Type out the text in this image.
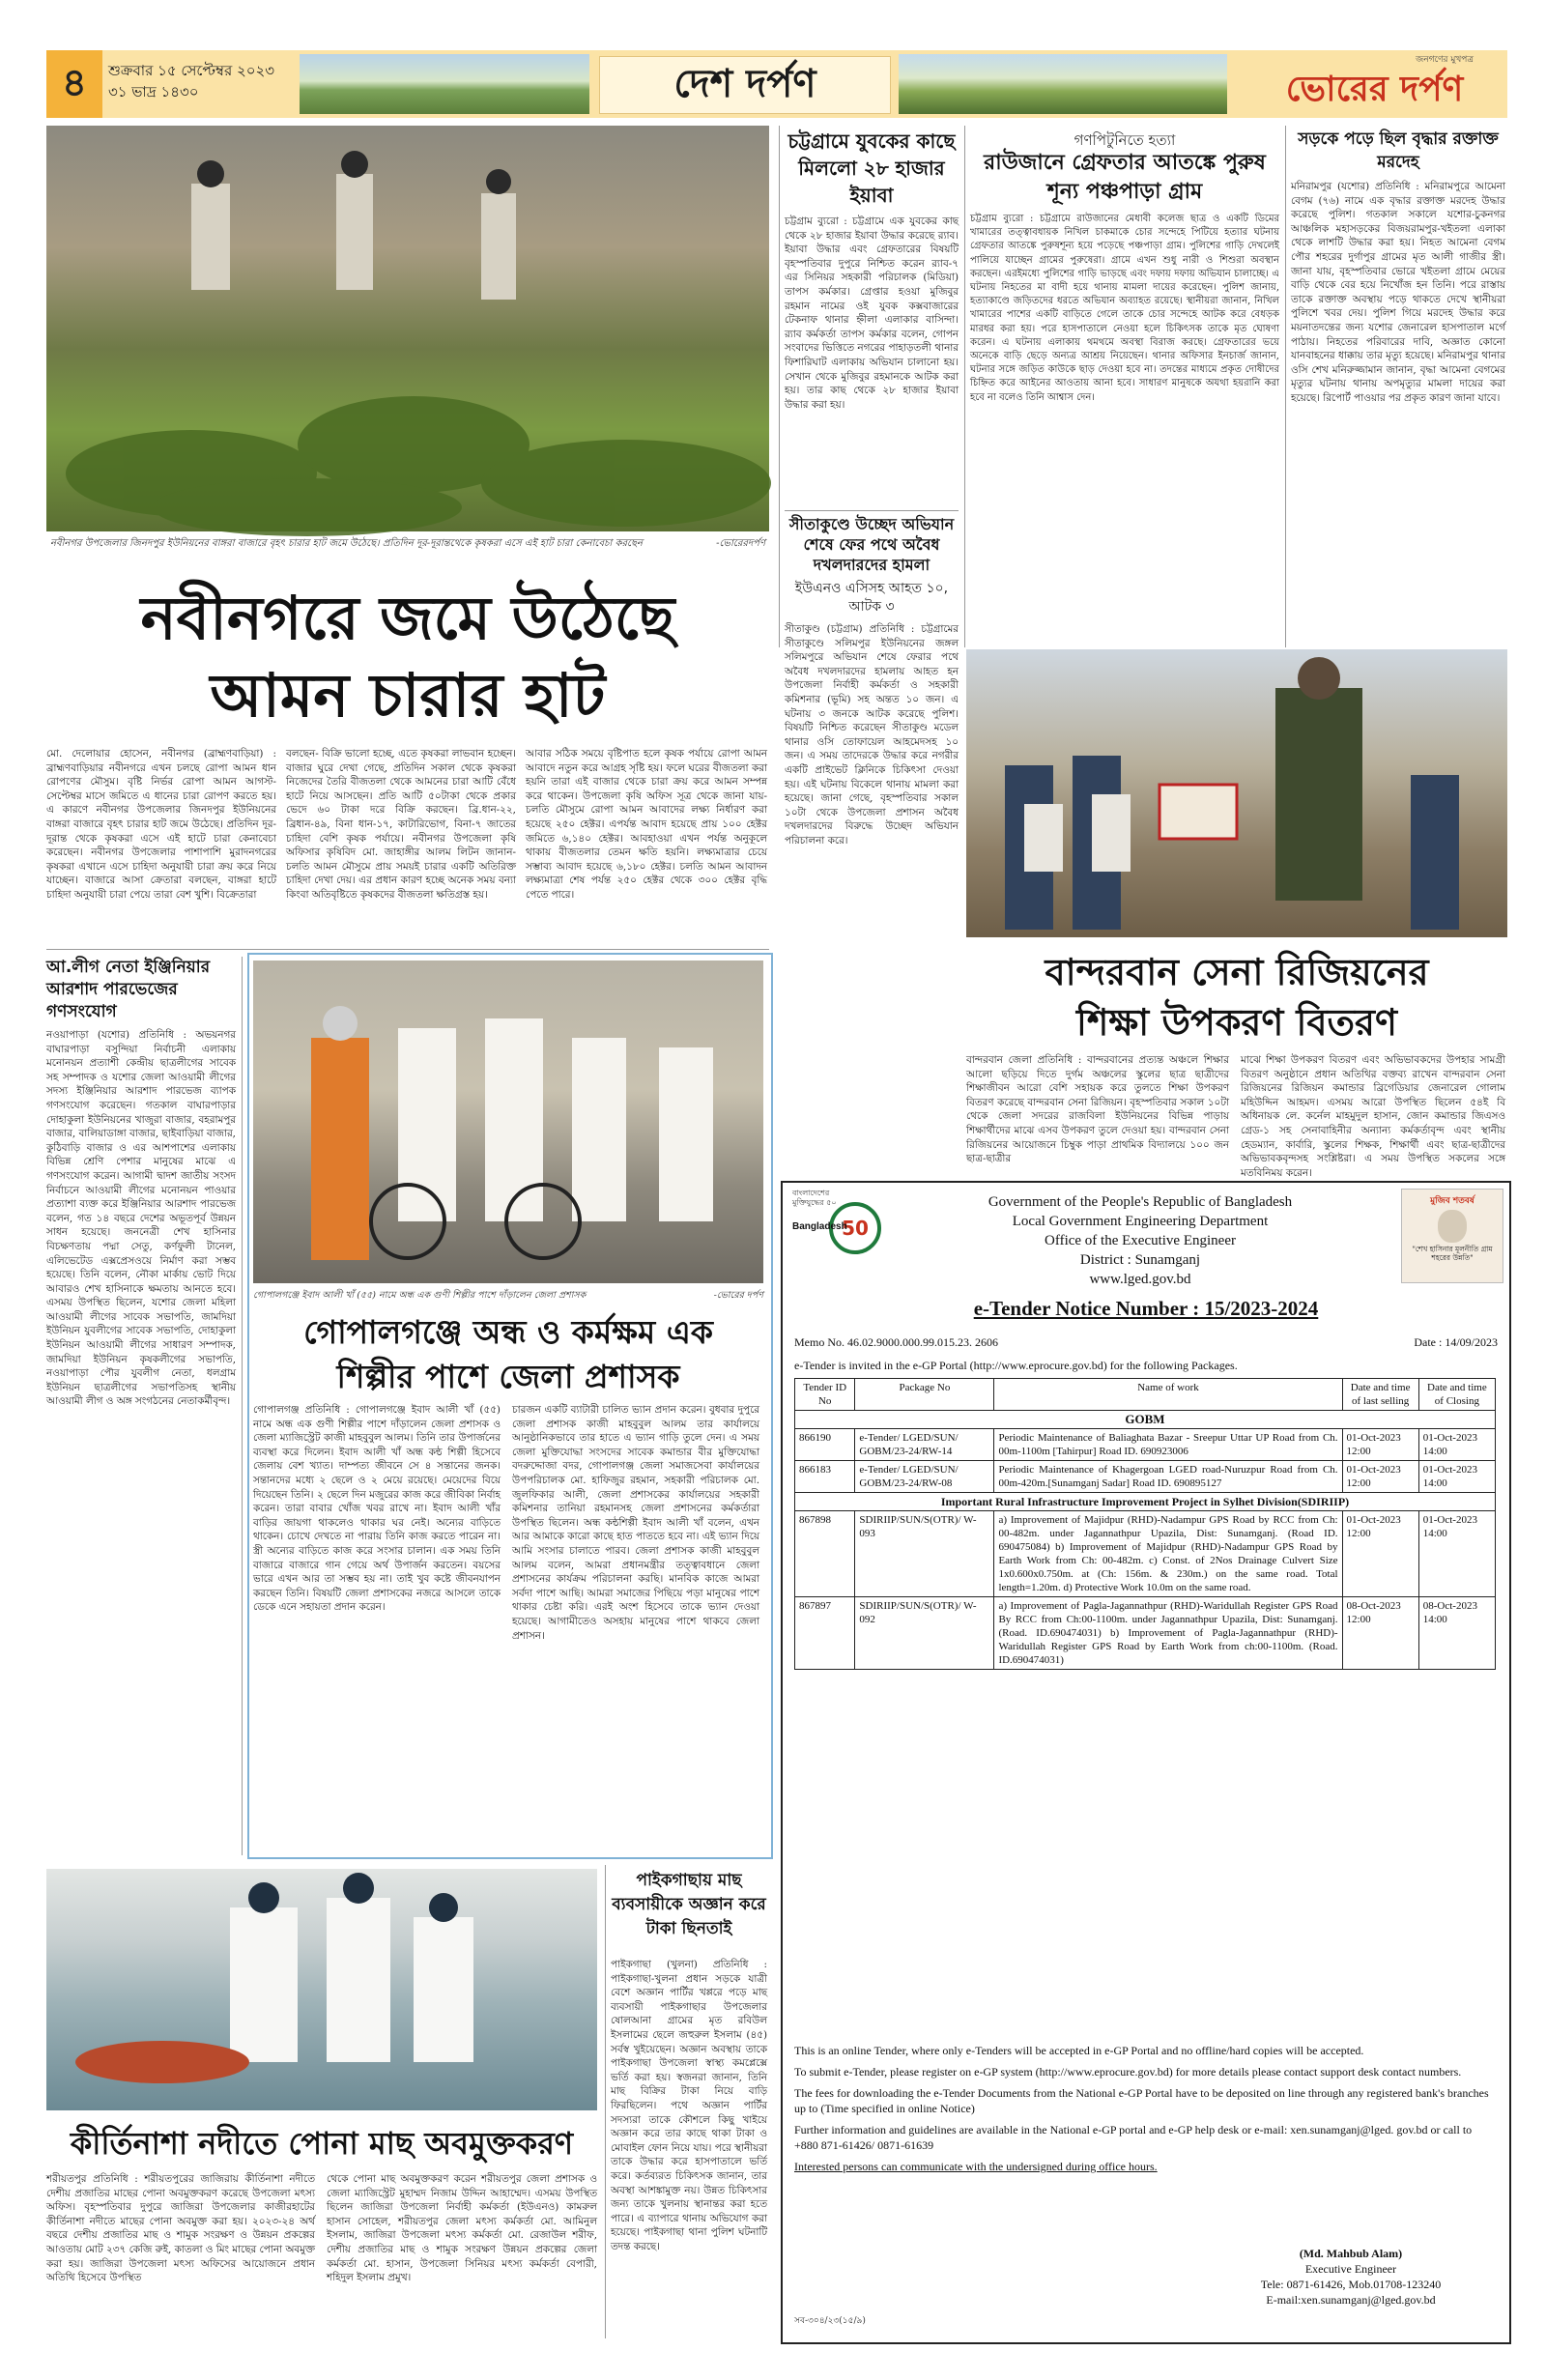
৪	শুক্রবার ১৫ সেপ্টেম্বর ২০২৩
৩১ ভাদ্র ১৪৩০	দেশ দর্পণ
জনগণের মুখপত্র
ভোরের দর্পণ
নবীনগর উপজেলার জিনদপুর ইউনিয়নের বাঙ্গরা বাজারে বৃহৎ চারার হাট জমে উঠেছে। প্রতিদিন দূর-দূরান্তথেকে কৃষকরা এসে এই হাট চারা কেনাবেচা করছেন	-ভোরেরদর্পণ
নবীনগরে জমে উঠেছে
আমন চারার হাট
মো. দেলোয়ার হোসেন, নবীনগর (ব্রাহ্মণবাড়িয়া) : ব্রাহ্মণবাড়িয়ার নবীনগরে এখন চলছে রোপা আমন ধান রোপণের মৌসুম। বৃষ্টি নির্ভর রোপা আমন আগস্ট-সেপ্টেম্বর মাসে জমিতে এ ধানের চারা রোপণ করতে হয়। এ কারণে নবীনগর উপজেলার জিনদপুর ইউনিয়নের বাঙ্গরা বাজারে বৃহৎ চারার হাট জমে উঠেছে। প্রতিদিন দূর-দূরান্ত থেকে কৃষকরা এসে এই হাটে চারা কেনাবেচা করেছেন। নবীনগর উপজেলার পাশাপাশি মুরাদনগরের কৃষকরা এখানে এসে চাহিদা অনুযায়ী চারা ক্রয় করে নিয়ে যাচ্ছেন। বাজারে আসা ক্রেতারা বলছেন, বাঙ্গরা হাটে চাহিদা অনুযায়ী চারা পেয়ে তারা বেশ খুশি। বিক্রেতারা
বলছেন- বিক্রি ভালো হচ্ছে, এতে কৃষকরা লাভবান হচ্ছেন। বাজার ঘুরে দেখা গেছে, প্রতিদিন সকাল থেকে কৃষকরা নিজেদের তৈরি বীজতলা থেকে আমনের চারা আটি বেঁধে হাটে নিয়ে আসছেন। প্রতি আটি ৫০টাকা থেকে প্রকার ভেদে ৬০ টাকা দরে বিক্রি করছেন। ব্রি.ধান-২২, ব্রিধান-৪৯, বিনা ধান-১৭, কাটারিভোগ, বিনা-৭ জাতের চাহিদা বেশি কৃষক পর্যায়ে। নবীনগর উপজেলা কৃষি অফিসার কৃষিবিদ মো. জাহাঙ্গীর আলম লিটন জানান-চলতি আমন মৌসুমে প্রায় সময়ই চারার একটি অতিরিক্ত চাহিদা দেখা দেয়। এর প্রধান কারণ হচ্ছে অনেক সময় বন্যা কিংবা অতিবৃষ্টিতে কৃষকদের বীজতলা ক্ষতিগ্রস্ত হয়।
আবার সঠিক সময়ে বৃষ্টিপাত হলে কৃষক পর্যায়ে রোপা আমন আবাদে নতুন করে আগ্রহ সৃষ্টি হয়। ফলে ঘরের বীজতলা করা হয়নি তারা এই বাজার থেকে চারা ক্রয় করে আমন সম্পন্ন করে থাকেন। উপজেলা কৃষি অফিস সূত্র থেকে জানা যায়-চলতি মৌসুমে রোপা আমন আবাদের লক্ষ্য নির্ধারণ করা হয়েছে ২৫০ হেক্টর। এপর্যন্ত আবাদ হয়েছে প্রায় ১০০ হেক্টর জমিতে ৬,১৪০ হেক্টর। আবহাওয়া এখন পর্যন্ত অনুকূলে থাকায় বীজতলার তেমন ক্ষতি হয়নি। লক্ষ্যমাত্রার চেয়ে সম্ভাব্য আবাদ হয়েছে ৬,১৮০ হেক্টর। চলতি আমন আবাদন লক্ষ্যমাত্রা শেষ পর্যন্ত ২৫০ হেক্টর থেকে ৩০০ হেক্টর বৃদ্ধি পেতে পারে।
চট্টগ্রামে যুবকের কাছে মিললো ২৮ হাজার ইয়াবা
চট্টগ্রাম ব্যুরো : চট্টগ্রামে এক যুবকের কাছ থেকে ২৮ হাজার ইয়াবা উদ্ধার করেছে র‍্যাব। ইয়াবা উদ্ধার এবং গ্রেফতারের বিষয়টি বৃহস্পতিবার দুপুরে নিশ্চিত করেন র‍্যাব-৭ এর সিনিয়র সহকারী পরিচালক (মিডিয়া) তাপস কর্মকার। গ্রেপ্তার হওয়া মুজিবুর রহমান নামের ওই যুবক কক্সবাজারের টেকনাফ থানার হ্নীলা এলাকার বাসিন্দা। র‍্যাব কর্মকর্তা তাপস কর্মকার বলেন, গোপন সংবাদের ভিত্তিতে নগরের পাহাড়তলী থানার ফিশারিঘাট এলাকায় অভিযান চালানো হয়। সেখান থেকে মুজিবুর রহমানকে আটক করা হয়। তার কাছ থেকে ২৮ হাজার ইয়াবা উদ্ধার করা হয়।
সীতাকুণ্ডে উচ্ছেদ অভিযান শেষে ফের পথে অবৈধ দখলদারদের হামলা
ইউএনও এসিসহ আহত ১০, আটক ৩
সীতাকুণ্ড (চট্টগ্রাম) প্রতিনিধি : চট্টগ্রামের সীতাকুণ্ডে সলিমপুর ইউনিয়নের জঙ্গল সলিমপুরে অভিযান শেষে ফেরার পথে অবৈধ দখলদারদের হামলায় আহত হন উপজেলা নির্বাহী কর্মকর্তা ও সহকারী কমিশনার (ভূমি) সহ অন্তত ১০ জন। এ ঘটনায় ৩ জনকে আটক করেছে পুলিশ। বিষয়টি নিশ্চিত করেছেন সীতাকুণ্ড মডেল থানার ওসি তোফায়েল আহমেদসহ ১০ জন। এ সময় তাদেরকে উদ্ধার করে নগরীর একটি প্রাইভেট ক্লিনিকে চিকিৎসা দেওয়া হয়। এই ঘটনায় বিকেলে থানায় মামলা করা হয়েছে। জানা গেছে, বৃহস্পতিবার সকাল ১০টা থেকে উপজেলা প্রশাসন অবৈধ দখলদারদের বিরুদ্ধে উচ্ছেদ অভিযান পরিচালনা করে।
গণপিটুনিতে হত্যা
রাউজানে গ্রেফতার আতঙ্কে পুরুষ শূন্য পঞ্চপাড়া গ্রাম
চট্টগ্রাম ব্যুরো : চট্টগ্রামে রাউজানের মেধাবী কলেজ ছাত্র ও একটি ডিমের খামারের তত্ত্বাবধায়ক নিখিল চাকমাকে চোর সন্দেহে পিটিয়ে হত্যার ঘটনায় গ্রেফতার আতঙ্কে পুরুষশূন্য হয়ে পড়েছে পঞ্চপাড়া গ্রাম। পুলিশের গাড়ি দেখলেই পালিয়ে যাচ্ছেন গ্রামের পুরুষেরা। গ্রামে এখন শুধু নারী ও শিশুরা অবস্থান করছেন। এরইমধ্যে পুলিশের গাড়ি ভাড়ছে এবং দফায় দফায় অভিযান চালাচ্ছে। এ ঘটনায় নিহতের মা বাদী হয়ে থানায় মামলা দায়ের করেছেন। পুলিশ জানায়, হত্যাকাণ্ডে জড়িতদের ধরতে অভিযান অব্যাহত রয়েছে। স্থানীয়রা জানান, নিখিল খামারের পাশের একটি বাড়িতে গেলে তাকে চোর সন্দেহে আটক করে বেধড়ক মারধর করা হয়। পরে হাসপাতালে নেওয়া হলে চিকিৎসক তাকে মৃত ঘোষণা করেন। এ ঘটনায় এলাকায় থমথমে অবস্থা বিরাজ করছে। গ্রেফতারের ভয়ে অনেকে বাড়ি ছেড়ে অন্যত্র আশ্রয় নিয়েছেন। থানার অফিসার ইনচার্জ জানান, ঘটনার সঙ্গে জড়িত কাউকে ছাড় দেওয়া হবে না। তদন্তের মাধ্যমে প্রকৃত দোষীদের চিহ্নিত করে আইনের আওতায় আনা হবে। সাধারণ মানুষকে অযথা হয়রানি করা হবে না বলেও তিনি আশ্বাস দেন।
সড়কে পড়ে ছিল বৃদ্ধার রক্তাক্ত মরদেহ
মনিরামপুর (যশোর) প্রতিনিধি : মনিরামপুরে আমেনা বেগম (৭৬) নামে এক বৃদ্ধার রক্তাক্ত মরদেহ উদ্ধার করেছে পুলিশ। গতকাল সকালে যশোর-চুকনগর আঞ্চলিক মহাসড়কের বিজয়রামপুর-খইতলা এলাকা থেকে লাশটি উদ্ধার করা হয়। নিহত আমেনা বেগম পৌর শহরের দুর্গাপুর গ্রামের মৃত আলী গাজীর স্ত্রী। জানা যায়, বৃহস্পতিবার ভোরে খইতলা গ্রামে মেয়ের বাড়ি থেকে বের হয়ে নিখোঁজ হন তিনি। পরে রাস্তায় তাকে রক্তাক্ত অবস্থায় পড়ে থাকতে দেখে স্থানীয়রা পুলিশে খবর দেয়। পুলিশ গিয়ে মরদেহ উদ্ধার করে ময়নাতদন্তের জন্য যশোর জেনারেল হাসপাতাল মর্গে পাঠায়। নিহতের পরিবারের দাবি, অজ্ঞাত কোনো যানবাহনের ধাক্কায় তার মৃত্যু হয়েছে। মনিরামপুর থানার ওসি শেখ মনিরুজ্জামান জানান, বৃদ্ধা আমেনা বেগমের মৃত্যুর ঘটনায় থানায় অপমৃত্যুর মামলা দায়ের করা হয়েছে। রিপোর্ট পাওয়ার পর প্রকৃত কারণ জানা যাবে।
বান্দরবান সেনা রিজিয়নের
শিক্ষা উপকরণ বিতরণ
বান্দরবান জেলা প্রতিনিধি : বান্দরবানের প্রত্যন্ত অঞ্চলে শিক্ষার আলো ছড়িয়ে দিতে দুর্গম অঞ্চলের স্কুলের ছাত্র ছাত্রীদের শিক্ষাজীবন আরো বেশি সহায়ক করে তুলতে শিক্ষা উপকরণ বিতরণ করেছে বান্দরবান সেনা রিজিয়ন। বৃহস্পতিবার সকাল ১০টা থেকে জেলা সদরের রাজবিলা ইউনিয়নের বিভিন্ন পাড়ায় শিক্ষার্থীদের মাঝে এসব উপকরণ তুলে দেওয়া হয়। বান্দরবান সেনা রিজিয়নের আয়োজনে চিম্বুক পাড়া প্রাথমিক বিদ্যালয়ে ১০০ জন ছাত্র-ছাত্রীর
মাঝে শিক্ষা উপকরণ বিতরণ এবং অভিভাবকদের উপহার সামগ্রী বিতরণ অনুষ্ঠানে প্রধান অতিথির বক্তব্য রাখেন বান্দরবান সেনা রিজিয়নের রিজিয়ন কমান্ডার ব্রিগেডিয়ার জেনারেল গোলাম মহিউদ্দিন আহমদ। এসময় আরো উপস্থিত ছিলেন ৫৪ই বি অধিনায়ক লে. কর্নেল মাহমুদুল হাসান, জোন কমান্ডার জিএসও গ্রেড-১ সহ সেনাবাহিনীর অন্যান্য কর্মকর্তাবৃন্দ এবং স্থানীয় হেডম্যান, কার্বারি, স্কুলের শিক্ষক, শিক্ষার্থী এবং ছাত্র-ছাত্রীদের অভিভাবকবৃন্দসহ সংশ্লিষ্টরা। এ সময় উপস্থিত সকলের সঙ্গে মতবিনিময় করেন।
আ.লীগ নেতা ইঞ্জিনিয়ার আরশাদ পারভেজের গণসংযোগ
নওয়াপাড়া (যশোর) প্রতিনিধি : অভয়নগর বাঘারপাড়া বসুন্দিয়া নির্বাচনী এলাকায় মনোনয়ন প্রত্যাশী কেন্দ্রীয় ছাত্রলীগের সাবেক সহ সম্পাদক ও যশোর জেলা আওয়ামী লীগের সদস্য ইঞ্জিনিয়ার আরশাদ পারভেজ ব্যাপক গণসংযোগ করেছেন। গতকাল বাঘারপাড়ার দোহাকুলা ইউনিয়নের খাজুরা বাজার, বহরামপুর বাজার, বালিয়াডাঙ্গা বাজার, ছাইবাড়িয়া বাজার, কুঠিবাড়ি বাজার ও এর আশপাশের এলাকায় বিভিন্ন শ্রেণি পেশার মানুষের মাঝে এ গণসংযোগ করেন। আগামী দ্বাদশ জাতীয় সংসদ নির্বাচনে আওয়ামী লীগের মনোনয়ন পাওয়ার প্রত্যাশা ব্যক্ত করে ইঞ্জিনিয়ার আরশাদ পারভেজ বলেন, গত ১৪ বছরে দেশের অভূতপূর্ব উন্নয়ন সাধন হয়েছে। জননেত্রী শেখ হাসিনার বিচক্ষণতায় পদ্মা সেতু, কর্ণফুলী টানেল, এলিভেটেড এক্সপ্রেসওয়ে নির্মাণ করা সম্ভব হয়েছে। তিনি বলেন, নৌকা মার্কায় ভোট দিয়ে আবারও শেখ হাসিনাকে ক্ষমতায় আনতে হবে। এসময় উপস্থিত ছিলেন, যশোর জেলা মহিলা আওয়ামী লীগের সাবেক সভাপতি, জামদিয়া ইউনিয়ন যুবলীগের সাবেক সভাপতি, দোহাকুলা ইউনিয়ন আওয়ামী লীগের সাধারণ সম্পাদক, জামদিয়া ইউনিয়ন কৃষকলীগের সভাপতি, নওয়াপাড়া পৌর যুবলীগ নেতা, ধলগ্রাম ইউনিয়ন ছাত্রলীগের সভাপতিসহ স্থানীয় আওয়ামী লীগ ও অঙ্গ সংগঠনের নেতাকর্মীবৃন্দ।
গোপালগঞ্জে ইবাদ আলী খাঁ (৫৫) নামে অন্ধ এক গুণী শিল্পীর পাশে দাঁড়ালেন জেলা প্রশাসক	-ভোরের দর্পণ
গোপালগঞ্জে অন্ধ ও কর্মক্ষম এক
শিল্পীর পাশে জেলা প্রশাসক
গোপালগঞ্জ প্রতিনিধি : গোপালগঞ্জে ইবাদ আলী খাঁ (৫৫) নামে অন্ধ এক গুণী শিল্পীর পাশে দাঁড়ালেন জেলা প্রশাসক ও জেলা ম্যাজিস্ট্রেট কাজী মাহবুবুল আলম। তিনি তার উপার্জনের ব্যবস্থা করে দিলেন। ইবাদ আলী খাঁ অন্ধ কন্ঠ শিল্পী হিসেবে জেলায় বেশ খ্যাত। দাম্পত্য জীবনে সে ৪ সন্তানের জনক। সন্তানদের মধ্যে ২ ছেলে ও ২ মেয়ে রয়েছে। মেয়েদের বিয়ে দিয়েছেন তিনি। ২ ছেলে দিন মজুরের কাজ করে জীবিকা নির্বাহ করেন। তারা বাবার খোঁজ খবর রাখে না। ইবাদ আলী খাঁর বাড়ির জায়গা থাকলেও থাকার ঘর নেই। অন্যের বাড়িতে থাকেন। চোখে দেখতে না পারায় তিনি কাজ করতে পারেন না। স্ত্রী অন্যের বাড়িতে কাজ করে সংসার চালান। এক সময় তিনি বাজারে বাজারে গান গেয়ে অর্থ উপার্জন করতেন। বয়সের ভারে এখন আর তা সম্ভব হয় না। তাই খুব কষ্টে জীবনযাপন করছেন তিনি। বিষয়টি জেলা প্রশাসকের নজরে আসলে তাকে ডেকে এনে সহায়তা প্রদান করেন।
চারজন একটি ব্যাটারী চালিত ভ্যান প্রদান করেন। বুধবার দুপুরে জেলা প্রশাসক কাজী মাহবুবুল আলম তার কার্যালয়ে আনুষ্ঠানিকভাবে তার হাতে এ ভ্যান গাড়ি তুলে দেন। এ সময় জেলা মুক্তিযোদ্ধা সংসদের সাবেক কমান্ডার বীর মুক্তিযোদ্ধা বদরুদ্দোজা বদর, গোপালগঞ্জ জেলা সমাজসেবা কার্যালয়ের উপপরিচালক মো. হাফিজুর রহমান, সহকারী পরিচালক মো. জুলফিকার আলী, জেলা প্রশাসকের কার্যালয়ের সহকারী কমিশনার তানিয়া রহমানসহ জেলা প্রশাসনের কর্মকর্তারা উপস্থিত ছিলেন। অন্ধ কন্ঠশিল্পী ইবাদ আলী খাঁ বলেন, এখন আর আমাকে কারো কাছে হাত পাততে হবে না। এই ভ্যান দিয়ে আমি সংসার চালাতে পারব। জেলা প্রশাসক কাজী মাহবুবুল আলম বলেন, আমরা প্রধানমন্ত্রীর তত্ত্বাবধানে জেলা প্রশাসনের কার্যক্রম পরিচালনা করছি। মানবিক কাজে আমরা সর্বদা পাশে আছি। আমরা সমাজের পিছিয়ে পড়া মানুষের পাশে থাকার চেষ্টা করি। এরই অংশ হিসেবে তাকে ভ্যান দেওয়া হয়েছে। আগামীতেও অসহায় মানুষের পাশে থাকবে জেলা প্রশাসন।
কীর্তিনাশা নদীতে পোনা মাছ অবমুক্তকরণ
শরীয়তপুর প্রতিনিধি : শরীয়তপুরের জাজিরায় কীর্তিনাশা নদীতে দেশীয় প্রজাতির মাছের পোনা অবমুক্তকরণ করেছে উপজেলা মৎস্য অফিস। বৃহস্পতিবার দুপুরে জাজিরা উপজেলার কাজীরহাটের কীর্তিনাশা নদীতে মাছের পোনা অবমুক্ত করা হয়। ২০২৩-২৪ অর্থ বছরে দেশীয় প্রজাতির মাছ ও শামুক সংরক্ষণ ও উন্নয়ন প্রকল্পের আওতায় মোট ২৩৭ কেজি রুই, কাতলা ও মিং মাছের পোনা অবমুক্ত করা হয়। জাজিরা উপজেলা মৎস্য অফিসের আয়োজনে প্রধান অতিথি হিসেবে উপস্থিত
থেকে পোনা মাছ অবমুক্তকরণ করেন শরীয়তপুর জেলা প্রশাসক ও জেলা ম্যাজিস্ট্রেট মুহাম্মদ নিজাম উদ্দিন আহাম্মেদ। এসময় উপস্থিত ছিলেন জাজিরা উপজেলা নির্বাহী কর্মকর্তা (ইউএনও) কামরুল হাসান সোহেল, শরীয়তপুর জেলা মৎস্য কর্মকর্তা মো. আমিনুল ইসলাম, জাজিরা উপজেলা মৎস্য কর্মকর্তা মো. রেজাউল শরীফ, দেশীয় প্রজাতির মাছ ও শামুক সংরক্ষণ উন্নয়ন প্রকল্পের জেলা কর্মকর্তা মো. হাসান, উপজেলা সিনিয়র মৎস্য কর্মকর্তা বেপারী, শহিদুল ইসলাম প্রমুখ।
পাইকগাছায় মাছ ব্যবসায়ীকে অজ্ঞান করে টাকা ছিনতাই
পাইকগাছা (খুলনা) প্রতিনিধি : পাইকগাছা-খুলনা প্রধান সড়কে যাত্রী বেশে অজ্ঞান পার্টির খপ্পরে পড়ে মাছ ব্যবসায়ী পাইকগাছার উপজেলার ষোলআনা গ্রামের মৃত রবিউল ইসলামের ছেলে জহুরুল ইসলাম (৪৫) সর্বস্ব খুইয়েছেন। অজ্ঞান অবস্থায় তাকে পাইকগাছা উপজেলা স্বাস্থ্য কমপ্লেক্সে ভর্তি করা হয়। স্বজনরা জানান, তিনি মাছ বিক্রির টাকা নিয়ে বাড়ি ফিরছিলেন। পথে অজ্ঞান পার্টির সদস্যরা তাকে কৌশলে কিছু খাইয়ে অজ্ঞান করে তার কাছে থাকা টাকা ও মোবাইল ফোন নিয়ে যায়। পরে স্থানীয়রা তাকে উদ্ধার করে হাসপাতালে ভর্তি করে। কর্তব্যরত চিকিৎসক জানান, তার অবস্থা আশঙ্কামুক্ত নয়। উন্নত চিকিৎসার জন্য তাকে খুলনায় স্থানান্তর করা হতে পারে। এ ব্যাপারে থানায় অভিযোগ করা হয়েছে। পাইকগাছা থানা পুলিশ ঘটনাটি তদন্ত করছে।
বাংলাদেশের মুক্তিযুদ্ধের ৫০
50
Bangladesh
Government of the People's Republic of Bangladesh
Local Government Engineering Department
Office of the Executive Engineer
District : Sunamganj
www.lged.gov.bd
মুজিব শতবর্ষ
"শেখ হাসিনার মূলনীতি গ্রাম শহরের উন্নতি"
e-Tender Notice Number : 15/2023-2024
Memo No. 46.02.9000.000.99.015.23. 2606	Date : 14/09/2023
e-Tender is invited in the e-GP Portal (http://www.eprocure.gov.bd) for the following Packages.
Tender ID No	Package No	Name of work	Date and time of last selling	Date and time of Closing
GOBM				
866190	e-Tender/ LGED/SUN/ GOBM/23-24/RW-14	Periodic Maintenance of Baliaghata Bazar - Sreepur Uttar UP Road from Ch. 00m-1100m [Tahirpur] Road ID. 690923006	01-Oct-2023 12:00	01-Oct-2023 14:00
866183	e-Tender/ LGED/SUN/ GOBM/23-24/RW-08	Periodic Maintenance of Khagergoan LGED road-Nuruzpur Road from Ch. 00m-420m.[Sunamganj Sadar] Road ID. 690895127	01-Oct-2023 12:00	01-Oct-2023 14:00
Important Rural Infrastructure Improvement Project in Sylhet Division(SDIRIIP)				
867898	SDIRIIP/SUN/S(OTR)/ W-093	a) Improvement of Majidpur (RHD)-Nadampur GPS Road by RCC from Ch: 00-482m. under Jagannathpur Upazila, Dist: Sunamganj. (Road ID. 690475084) b) Improvement of Majidpur (RHD)-Nadampur GPS Road by Earth Work from Ch: 00-482m. c) Const. of 2Nos Drainage Culvert Size 1x0.600x0.750m. at (Ch: 156m. & 230m.) on the same road. Total length=1.20m. d) Protective Work 10.0m on the same road.	01-Oct-2023 12:00	01-Oct-2023 14:00
867897	SDIRIIP/SUN/S(OTR)/ W-092	a) Improvement of Pagla-Jagannathpur (RHD)-Waridullah Register GPS Road By RCC from Ch:00-1100m. under Jagannathpur Upazila, Dist: Sunamganj. (Road. ID.690474031) b) Improvement of Pagla-Jagannathpur (RHD)-Waridullah Register GPS Road by Earth Work from ch:00-1100m. (Road. ID.690474031)	08-Oct-2023 12:00	08-Oct-2023 14:00
This is an online Tender, where only e-Tenders will be accepted in e-GP Portal and no offline/hard copies will be accepted.
To submit e-Tender, please register on e-GP system (http://www.eprocure.gov.bd) for more details please contact support desk contact numbers.
The fees for downloading the e-Tender Documents from the National e-GP Portal have to be deposited on line through any registered bank's branches up to (Time specified in online Notice)
Further information and guidelines are available in the National e-GP portal and e-GP help desk or e-mail: xen.sunamganj@lged. gov.bd or call to +880 871-61426/ 0871-61639
Interested persons can communicate with the undersigned during office hours.
(Md. Mahbub Alam)
Executive Engineer
Tele: 0871-61426, Mob.01708-123240
E-mail:xen.sunamganj@lged.gov.bd
সব-৩০৪/২৩(১৫/৯)
